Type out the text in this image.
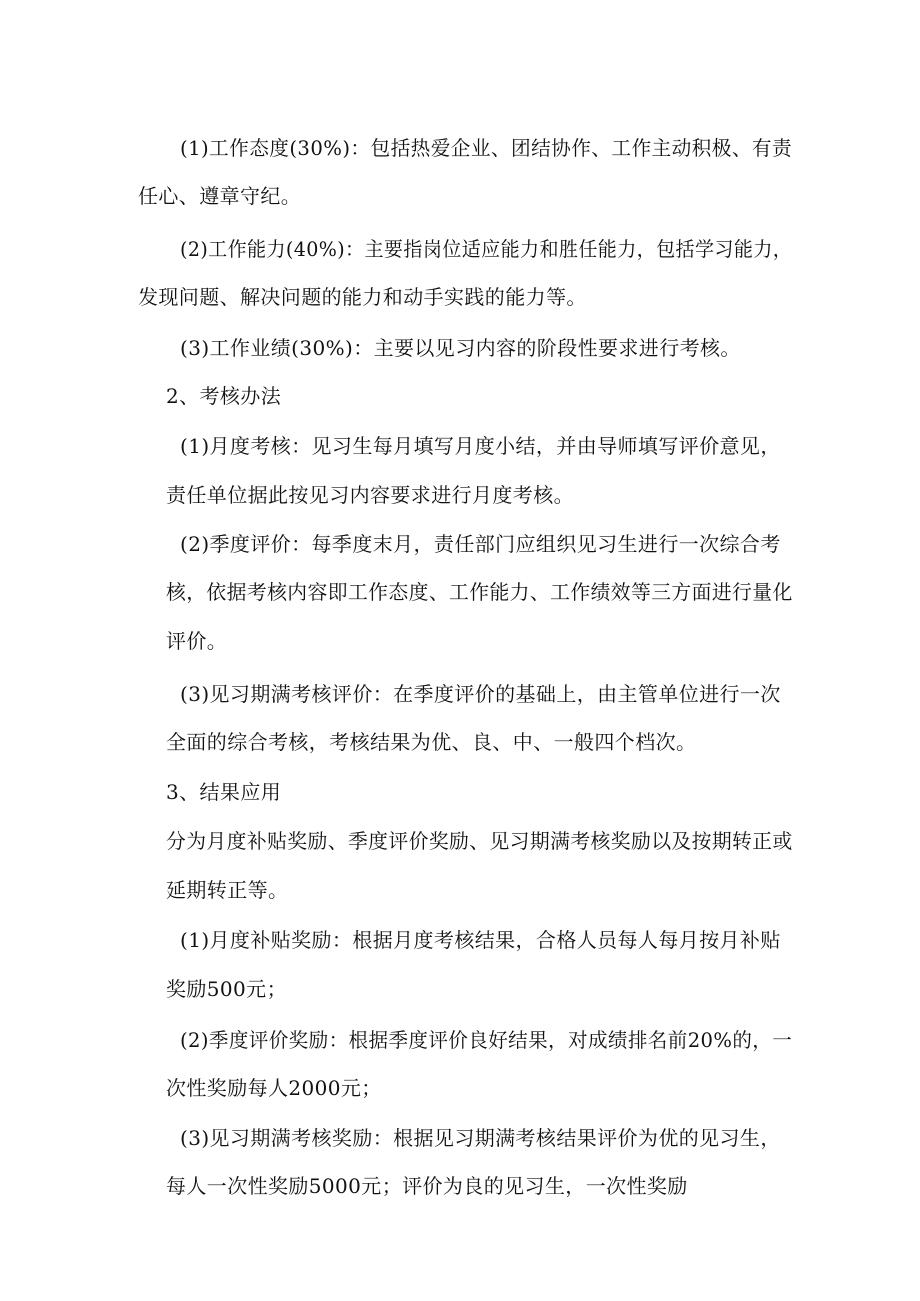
(1)工作态度(30%)：包括热爱企业、团结协作、工作主动积极、有责
任心、遵章守纪。
(2)工作能力(40%)：主要指岗位适应能力和胜任能力，包括学习能力，
发现问题、解决问题的能力和动手实践的能力等。
(3)工作业绩(30%)：主要以见习内容的阶段性要求进行考核。
2、考核办法
(1)月度考核：见习生每月填写月度小结，并由导师填写评价意见，
责任单位据此按见习内容要求进行月度考核。
(2)季度评价：每季度末月，责任部门应组织见习生进行一次综合考
核，依据考核内容即工作态度、工作能力、工作绩效等三方面进行量化
评价。
(3)见习期满考核评价：在季度评价的基础上，由主管单位进行一次
全面的综合考核，考核结果为优、良、中、一般四个档次。
3、结果应用
分为月度补贴奖励、季度评价奖励、见习期满考核奖励以及按期转正或
延期转正等。
(1)月度补贴奖励：根据月度考核结果，合格人员每人每月按月补贴
奖励500元；
(2)季度评价奖励：根据季度评价良好结果，对成绩排名前20%的，一
次性奖励每人2000元；
(3)见习期满考核奖励：根据见习期满考核结果评价为优的见习生，
每人一次性奖励5000元；评价为良的见习生，一次性奖励
